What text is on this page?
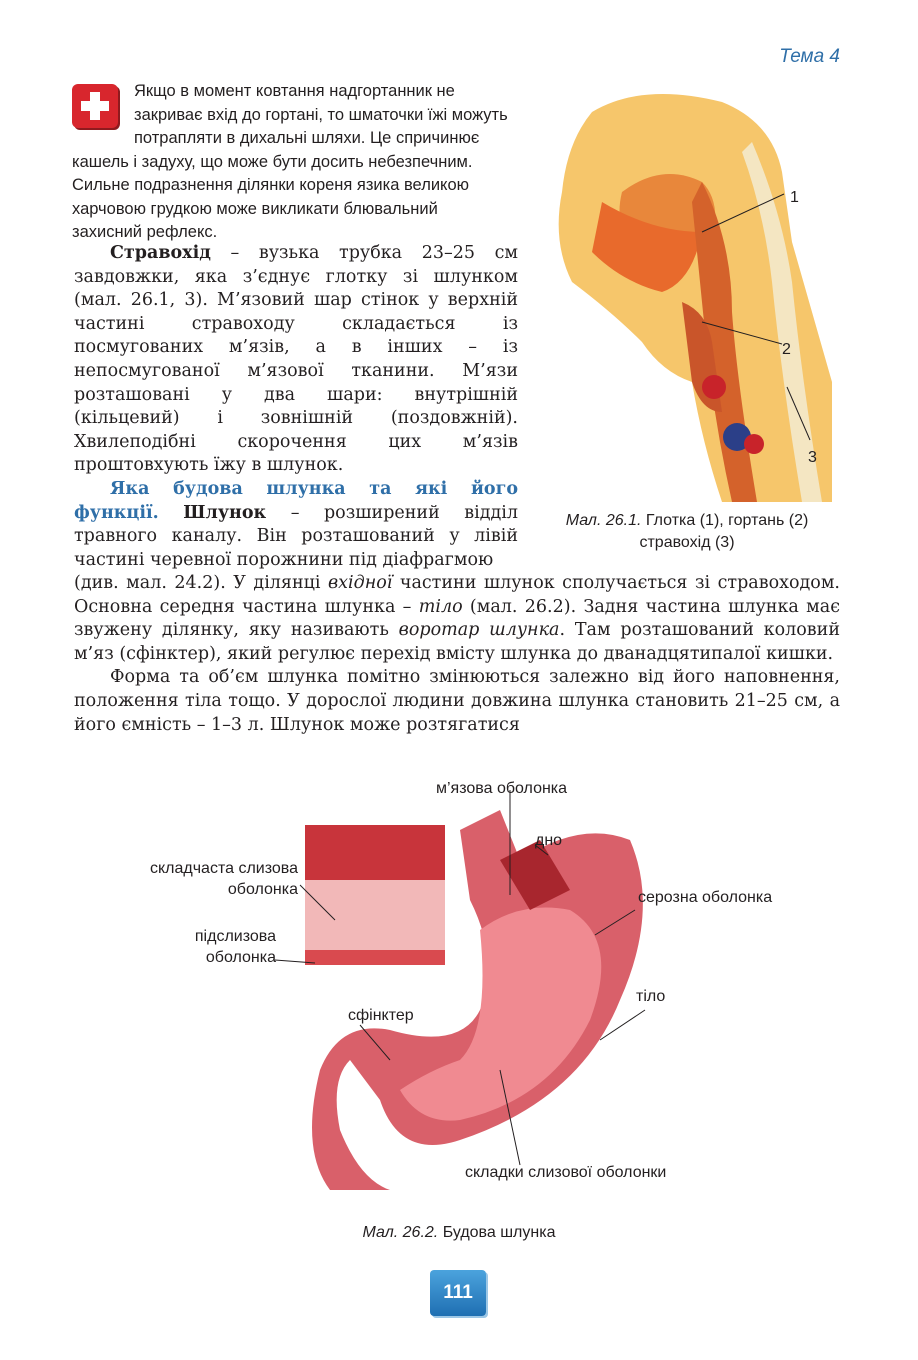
Тема 4
Якщо в момент ковтання надгортанник не закриває вхід до гортані, то шматочки їжі можуть потрапляти в дихальні шляхи. Це спричинює кашель і задуху, що може бути досить небезпечним. Сильне подразнення ділянки кореня язика великою харчовою грудкою може викликати блювальний захисний рефлекс.

Стравохід – вузька трубка 23–25 см завдовжки, яка з’єднує глотку зі шлунком (мал. 26.1, 3). М’язовий шар стінок у верхній частині стравоходу складається із посмугованих м’язів, а в інших – із непосмугованої м’язової тканини. М’язи розташовані у два шари: внутрішній (кільцевий) і зовнішній (поздовжній). Хвилеподібні скорочення цих м’язів проштовхують їжу в шлунок.

Яка будова шлунка та які його функції. Шлунок – розширений відділ травного каналу. Він розташований у лівій частині черевної порожнини під діафрагмою

(див. мал. 24.2). У ділянці вхідної частини шлунок сполучається зі стравоходом. Основна середня частина шлунка – тіло (мал. 26.2). Задня частина шлунка має звужену ділянку, яку називають воротар шлунка. Там розташований коловий м’яз (сфінктер), який регулює перехід вмісту шлунка до дванадцятипалої кишки.

Форма та об’єм шлунка помітно змінюються залежно від його наповнення, положення тіла тощо. У дорослої людини довжина шлунка становить 21–25 см, а його ємність – 1–3 л. Шлунок може розтягатися

1
2
3
Мал. 26.1. Глотка (1), гортань (2) стравохід (3)
м’язова оболонка
дно
складчаста слизова
оболонка
підслизова
оболонка
серозна оболонка
тіло
сфінктер
складки слизової оболонки
Мал. 26.2. Будова шлунка
111
